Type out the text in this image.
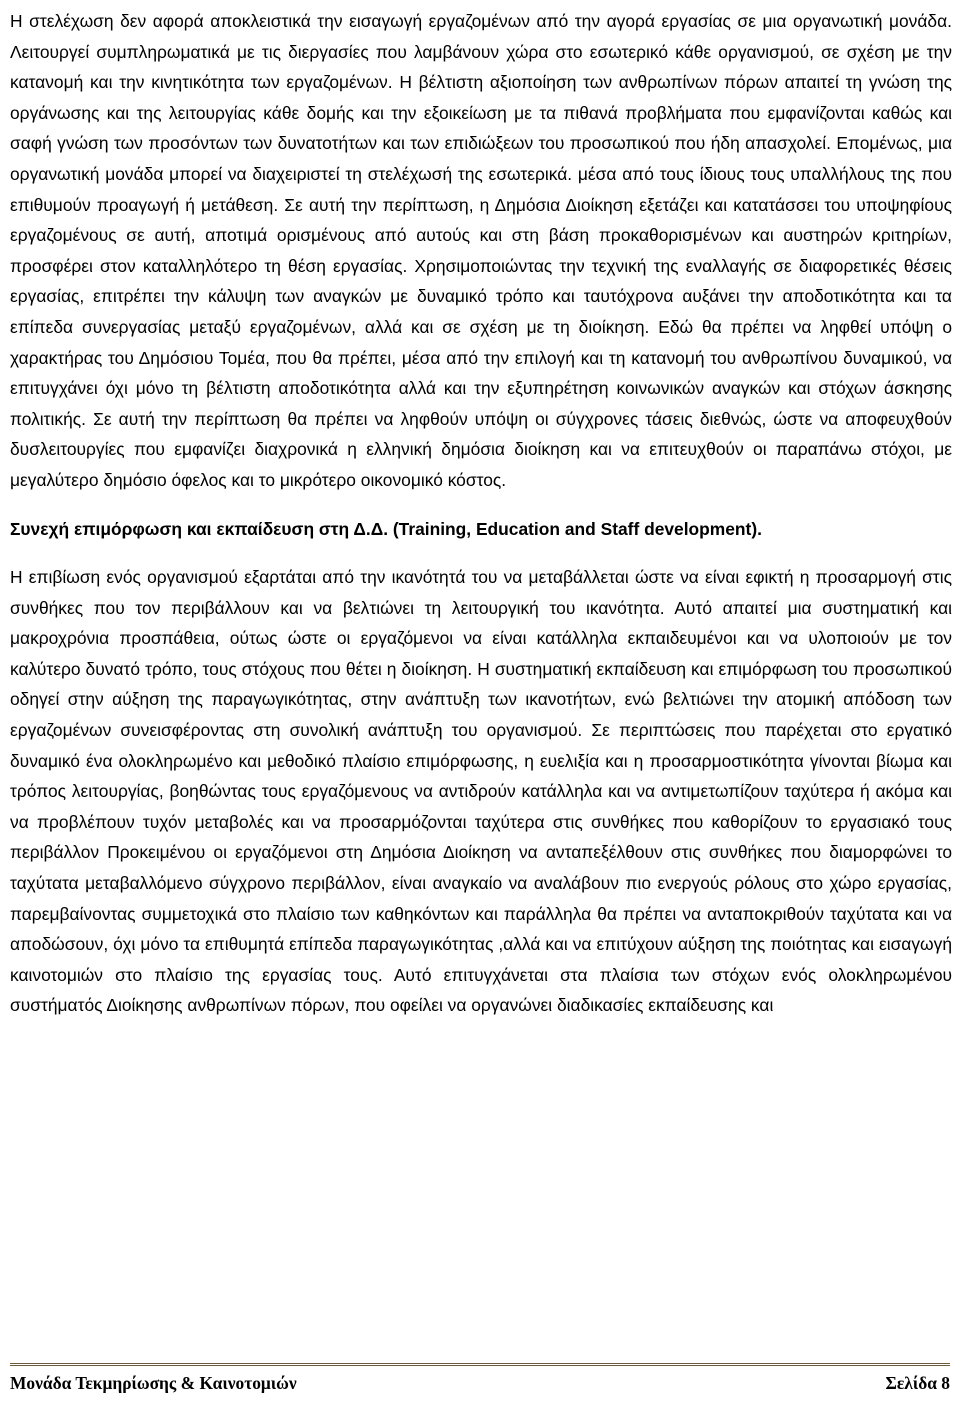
Η στελέχωση δεν αφορά αποκλειστικά την εισαγωγή εργαζομένων από την αγορά εργασίας σε μια οργανωτική μονάδα. Λειτουργεί συμπληρωματικά με τις διεργασίες που λαμβάνουν χώρα στο εσωτερικό κάθε οργανισμού, σε σχέση με την κατανομή και την κινητικότητα των εργαζομένων. Η βέλτιστη αξιοποίηση των ανθρωπίνων πόρων απαιτεί τη γνώση της οργάνωσης και της λειτουργίας κάθε δομής και την εξοικείωση με τα πιθανά προβλήματα που εμφανίζονται καθώς και σαφή γνώση των προσόντων των δυνατοτήτων και των επιδιώξεων του προσωπικού που ήδη απασχολεί. Επομένως, μια οργανωτική μονάδα μπορεί να διαχειριστεί τη στελέχωσή της εσωτερικά. μέσα από τους ίδιους τους υπαλλήλους της που επιθυμούν προαγωγή ή μετάθεση. Σε αυτή την περίπτωση, η Δημόσια Διοίκηση εξετάζει και κατατάσσει του υποψηφίους εργαζομένους σε αυτή, αποτιμά ορισμένους από αυτούς και στη βάση προκαθορισμένων και αυστηρών κριτηρίων, προσφέρει στον καταλληλότερο τη θέση εργασίας. Χρησιμοποιώντας την τεχνική της εναλλαγής σε διαφορετικές θέσεις εργασίας, επιτρέπει την κάλυψη των αναγκών με δυναμικό τρόπο και ταυτόχρονα αυξάνει την αποδοτικότητα και τα επίπεδα συνεργασίας μεταξύ εργαζομένων, αλλά και σε σχέση με τη διοίκηση. Εδώ θα πρέπει να ληφθεί υπόψη ο χαρακτήρας του Δημόσιου Τομέα, που θα πρέπει, μέσα από την επιλογή και τη κατανομή του ανθρωπίνου δυναμικού, να επιτυγχάνει όχι μόνο τη βέλτιστη αποδοτικότητα αλλά και την εξυπηρέτηση κοινωνικών αναγκών και στόχων άσκησης πολιτικής. Σε αυτή την περίπτωση θα πρέπει να ληφθούν υπόψη οι σύγχρονες τάσεις διεθνώς, ώστε να αποφευχθούν δυσλειτουργίες που εμφανίζει διαχρονικά η ελληνική δημόσια διοίκηση και να επιτευχθούν οι παραπάνω στόχοι, με μεγαλύτερο δημόσιο όφελος και το μικρότερο οικονομικό κόστος.

Συνεχή επιμόρφωση και εκπαίδευση στη Δ.Δ. (Training, Education and Staff development).

Η επιβίωση ενός οργανισμού εξαρτάται από την ικανότητά του να μεταβάλλεται ώστε να είναι εφικτή η προσαρμογή στις συνθήκες που τον περιβάλλουν και να βελτιώνει τη λειτουργική του ικανότητα. Αυτό απαιτεί μια συστηματική και μακροχρόνια προσπάθεια, ούτως ώστε οι εργαζόμενοι να είναι κατάλληλα εκπαιδευμένοι και να υλοποιούν με τον καλύτερο δυνατό τρόπο, τους στόχους που θέτει η διοίκηση. Η συστηματική εκπαίδευση και επιμόρφωση του προσωπικού οδηγεί στην αύξηση της παραγωγικότητας, στην ανάπτυξη των ικανοτήτων, ενώ βελτιώνει την ατομική απόδοση των εργαζομένων συνεισφέροντας στη συνολική ανάπτυξη του οργανισμού. Σε περιπτώσεις που παρέχεται στο εργατικό δυναμικό ένα ολοκληρωμένο και μεθοδικό πλαίσιο επιμόρφωσης, η ευελιξία και η προσαρμοστικότητα γίνονται βίωμα και τρόπος λειτουργίας, βοηθώντας τους εργαζόμενους να αντιδρούν κατάλληλα και να αντιμετωπίζουν ταχύτερα ή ακόμα και να προβλέπουν τυχόν μεταβολές και να προσαρμόζονται ταχύτερα στις συνθήκες που καθορίζουν το εργασιακό τους περιβάλλον Προκειμένου οι εργαζόμενοι στη Δημόσια Διοίκηση να ανταπεξέλθουν στις συνθήκες που διαμορφώνει το ταχύτατα μεταβαλλόμενο σύγχρονο περιβάλλον, είναι αναγκαίο να αναλάβουν πιο ενεργούς ρόλους στο χώρο εργασίας, παρεμβαίνοντας συμμετοχικά στο πλαίσιο των καθηκόντων και παράλληλα θα πρέπει να ανταποκριθούν ταχύτατα και να αποδώσουν, όχι μόνο τα επιθυμητά επίπεδα παραγωγικότητας ,αλλά και να επιτύχουν αύξηση της ποιότητας και εισαγωγή καινοτομιών στο πλαίσιο της εργασίας τους. Αυτό επιτυγχάνεται στα πλαίσια των στόχων ενός ολοκληρωμένου συστήματός Διοίκησης ανθρωπίνων πόρων, που οφείλει να οργανώνει διαδικασίες εκπαίδευσης και

Μονάδα Τεκμηρίωσης & Καινοτομιών	Σελίδα 8
